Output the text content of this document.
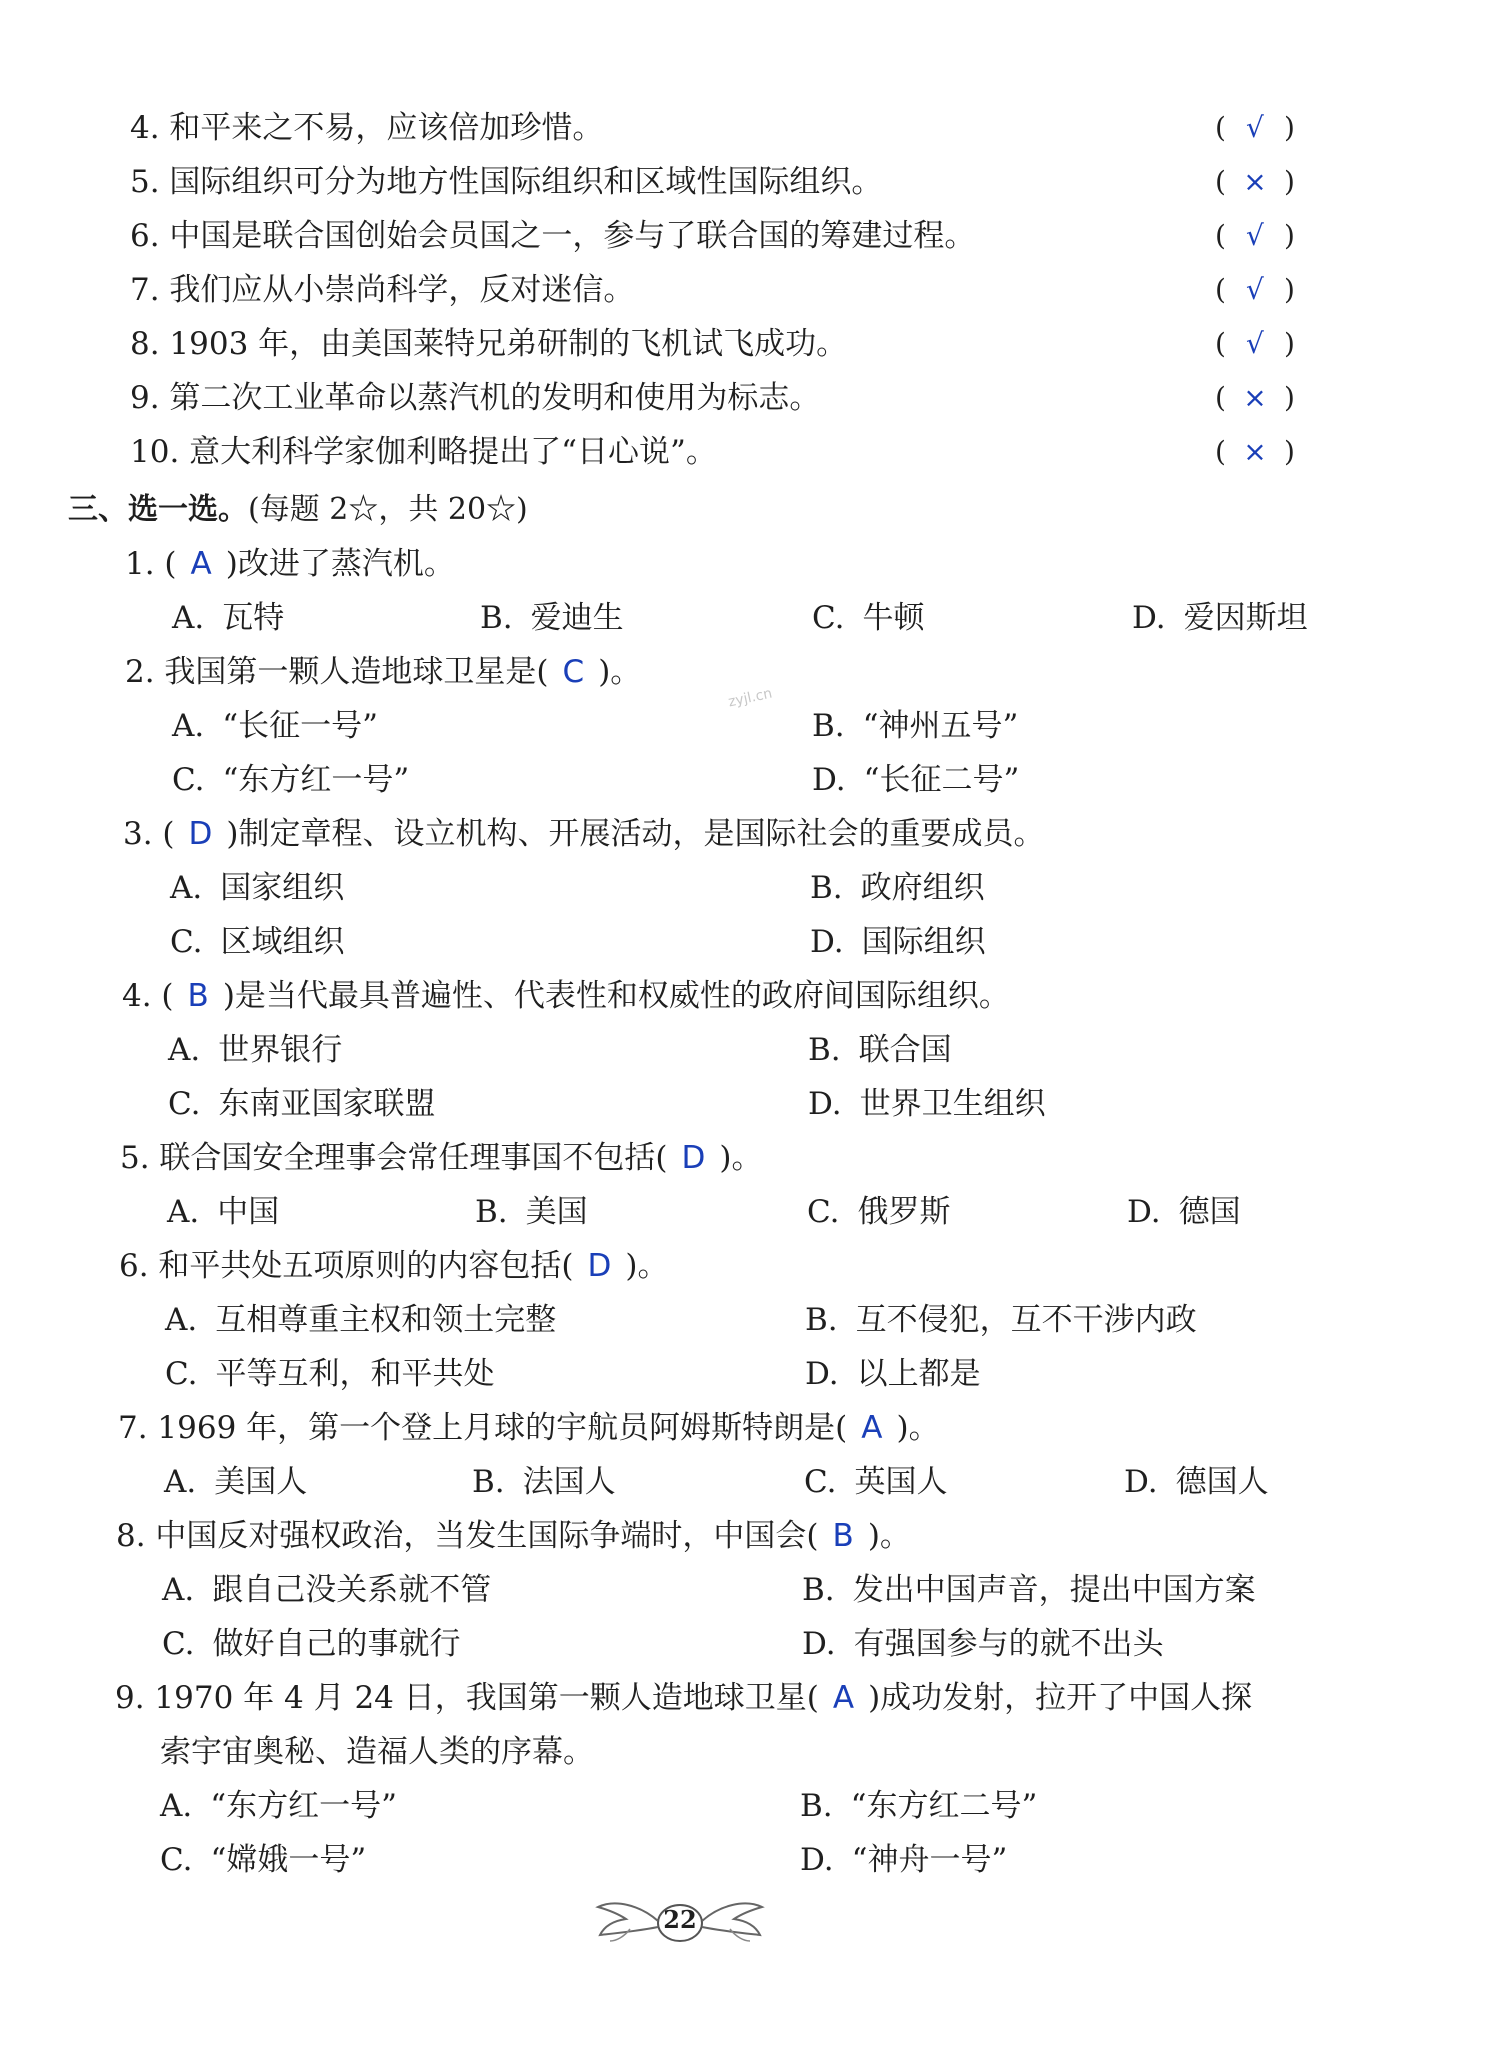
4. 和平来之不易，应该倍加珍惜。	( √ )
5. 国际组织可分为地方性国际组织和区域性国际组织。	( × )
6. 中国是联合国创始会员国之一，参与了联合国的筹建过程。	( √ )
7. 我们应从小崇尚科学，反对迷信。	( √ )
8. 1903 年，由美国莱特兄弟研制的飞机试飞成功。	( √ )
9. 第二次工业革命以蒸汽机的发明和使用为标志。	( × )
10. 意大利科学家伽利略提出了“日心说”。	( × )
三、选一选。(每题 2☆，共 20☆)
1. ( A )改进了蒸汽机。
A. 瓦特	B. 爱迪生	C. 牛顿	D. 爱因斯坦
2. 我国第一颗人造地球卫星是( C )。
A. “长征一号”	B. “神州五号”
C. “东方红一号”	D. “长征二号”
3. ( D )制定章程、设立机构、开展活动，是国际社会的重要成员。
A. 国家组织	B. 政府组织
C. 区域组织	D. 国际组织
4. ( B )是当代最具普遍性、代表性和权威性的政府间国际组织。
A. 世界银行	B. 联合国
C. 东南亚国家联盟	D. 世界卫生组织
5. 联合国安全理事会常任理事国不包括( D )。
A. 中国	B. 美国	C. 俄罗斯	D. 德国
6. 和平共处五项原则的内容包括( D )。
A. 互相尊重主权和领土完整	B. 互不侵犯，互不干涉内政
C. 平等互利，和平共处	D. 以上都是
7. 1969 年，第一个登上月球的宇航员阿姆斯特朗是( A )。
A. 美国人	B. 法国人	C. 英国人	D. 德国人
8. 中国反对强权政治，当发生国际争端时，中国会( B )。
A. 跟自己没关系就不管	B. 发出中国声音，提出中国方案
C. 做好自己的事就行	D. 有强国参与的就不出头
9. 1970 年 4 月 24 日，我国第一颗人造地球卫星( A )成功发射，拉开了中国人探
索宇宙奥秘、造福人类的序幕。
A. “东方红一号”	B. “东方红二号”
C. “嫦娥一号”	D. “神舟一号”
zyjl.cn
22
